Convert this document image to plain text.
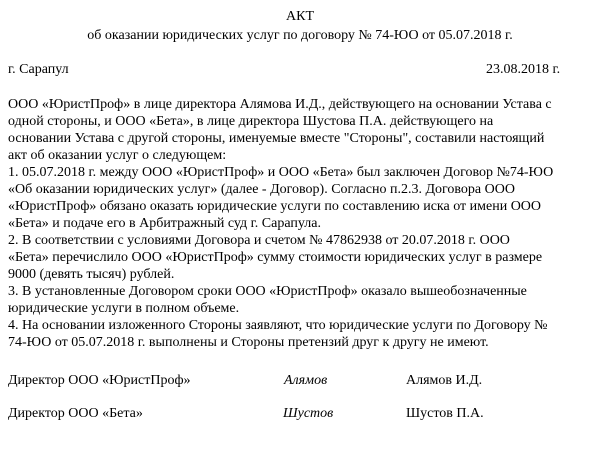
АКТ
об оказании юридических услуг по договору № 74-ЮО от 05.07.2018 г.
г. Сарапул	23.08.2018 г.
ООО «ЮристПроф» в лице директора Алямова И.Д., действующего на основании Устава с
одной стороны, и ООО «Бета», в лице директора Шустова П.А. действующего на
основании Устава с другой стороны, именуемые вместе "Стороны", составили настоящий
акт об оказании услуг о следующем:
1. 05.07.2018 г. между ООО «ЮристПроф» и ООО «Бета» был заключен Договор №74-ЮО
«Об оказании юридических услуг» (далее - Договор). Согласно п.2.3. Договора ООО
«ЮристПроф» обязано оказать юридические услуги по составлению иска от имени ООО
«Бета» и подаче его в Арбитражный суд г. Сарапула.
2. В соответствии с условиями Договора и счетом № 47862938 от 20.07.2018 г. ООО
«Бета» перечислило ООО «ЮристПроф» сумму стоимости юридических услуг в размере
9000 (девять тысяч) рублей.
3. В установленные Договором сроки ООО «ЮристПроф» оказало вышеобозначенные
юридические услуги в полном объеме.
4. На основании изложенного Стороны заявляют, что юридические услуги по Договору №
74-ЮО от 05.07.2018 г. выполнены и Стороны претензий друг к другу не имеют.
Директор ООО «ЮристПроф»	Алямов	Алямов И.Д.
Директор ООО «Бета»	Шустов	Шустов П.А.
